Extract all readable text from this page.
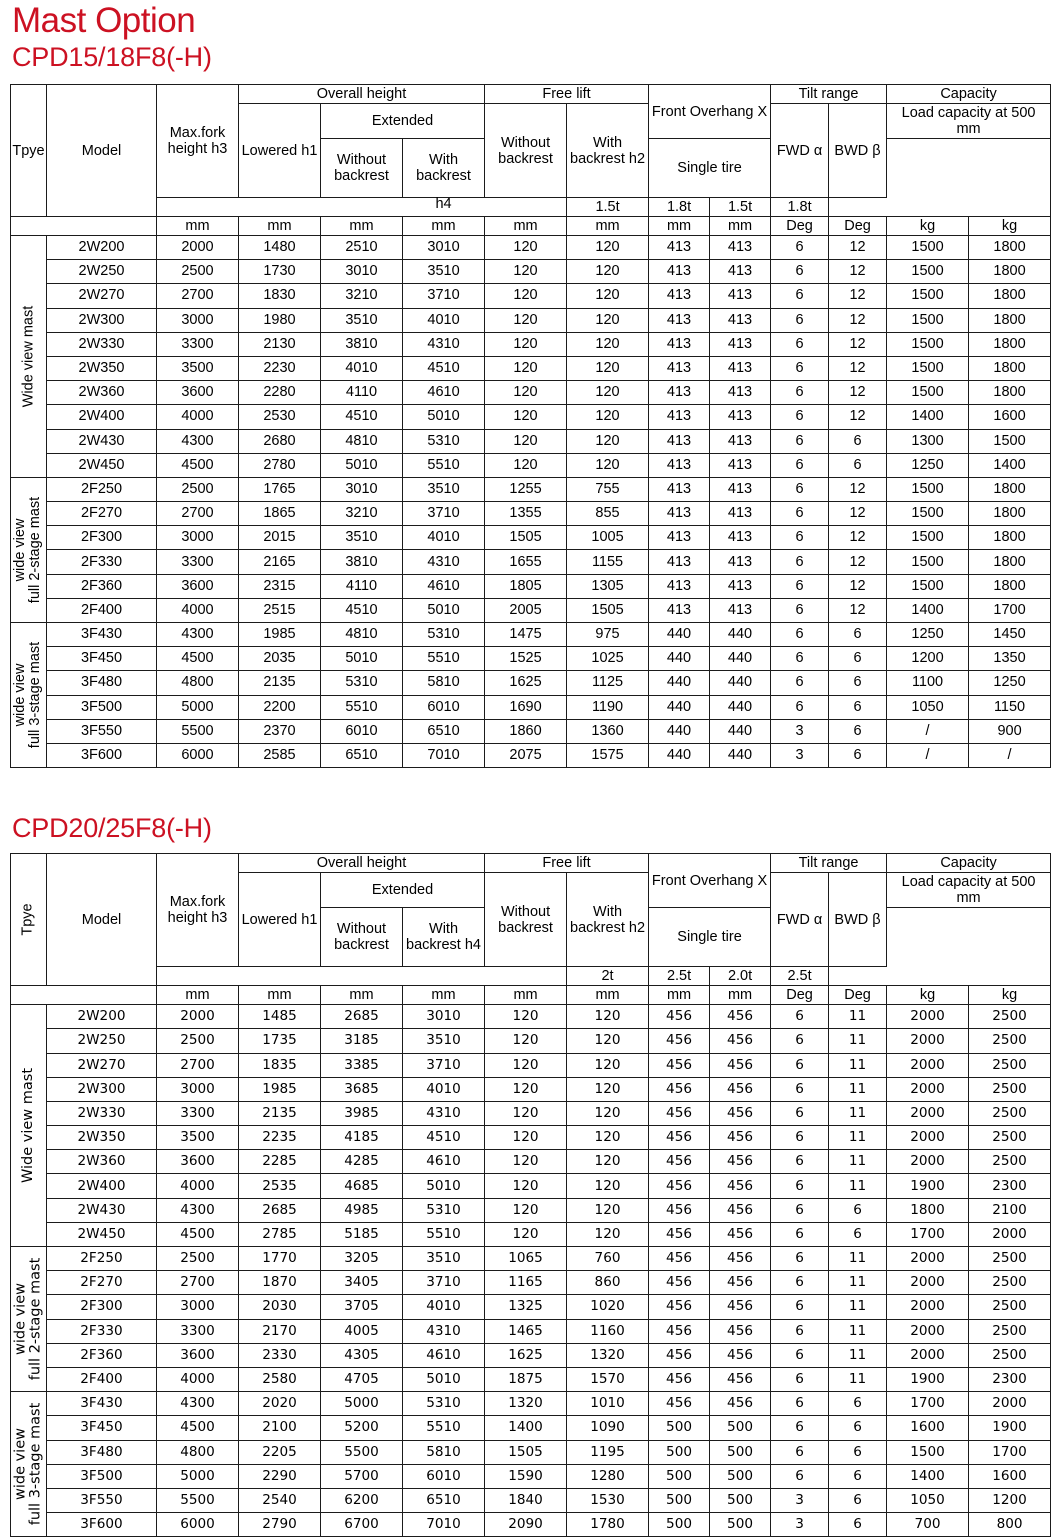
Mast Option
CPD15/18F8(-H)
Tpye	Model	Max.fork height h3	Overall height			Free lift		Front Overhang X		Tilt range		Capacity	
			Lowered h1	Extended		Without backrest	With backrest h2			FWD α	BWD β	Load capacity at 500 mm	
				Without backrest	With backrest
h4			Single tire					
							1.5t	1.8t	1.5t	1.8t			
		mm	mm	mm	mm	mm	mm	mm	mm	Deg	Deg	kg	kg

Wide view mast	2W200	2000	1480	2510	3010	120	120	413	413	6	12	1500	1800
	2W250	2500	1730	3010	3510	120	120	413	413	6	12	1500	1800
	2W270	2700	1830	3210	3710	120	120	413	413	6	12	1500	1800
	2W300	3000	1980	3510	4010	120	120	413	413	6	12	1500	1800
	2W330	3300	2130	3810	4310	120	120	413	413	6	12	1500	1800
	2W350	3500	2230	4010	4510	120	120	413	413	6	12	1500	1800
	2W360	3600	2280	4110	4610	120	120	413	413	6	12	1500	1800
	2W400	4000	2530	4510	5010	120	120	413	413	6	12	1400	1600
	2W430	4300	2680	4810	5310	120	120	413	413	6	6	1300	1500
	2W450	4500	2780	5010	5510	120	120	413	413	6	6	1250	1400

wide view full 2-stage mast	2F250	2500	1765	3010	3510	1255	755	413	413	6	12	1500	1800
	2F270	2700	1865	3210	3710	1355	855	413	413	6	12	1500	1800
	2F300	3000	2015	3510	4010	1505	1005	413	413	6	12	1500	1800
	2F330	3300	2165	3810	4310	1655	1155	413	413	6	12	1500	1800
	2F360	3600	2315	4110	4610	1805	1305	413	413	6	12	1500	1800
	2F400	4000	2515	4510	5010	2005	1505	413	413	6	12	1400	1700

wide view full 3-stage mast	3F430	4300	1985	4810	5310	1475	975	440	440	6	6	1250	1450
	3F450	4500	2035	5010	5510	1525	1025	440	440	6	6	1200	1350
	3F480	4800	2135	5310	5810	1625	1125	440	440	6	6	1100	1250
	3F500	5000	2200	5510	6010	1690	1190	440	440	6	6	1050	1150
	3F550	5500	2370	6010	6510	1860	1360	440	440	3	6	/	900
	3F600	6000	2585	6510	7010	2075	1575	440	440	3	6	/	/
CPD20/25F8(-H)
Tpye	Model	Max.fork height h3	Overall height			Free lift		Front Overhang X		Tilt range		Capacity	
			Lowered h1	Extended		Without backrest	With backrest h2			FWD α	BWD β	Load capacity at 500 mm	
				Without backrest	With backrest h4			Single tire					
							2t	2.5t	2.0t	2.5t			
		mm	mm	mm	mm	mm	mm	mm	mm	Deg	Deg	kg	kg

Wide view mast	2W200	2000	1485	2685	3010	120	120	456	456	6	11	2000	2500
	2W250	2500	1735	3185	3510	120	120	456	456	6	11	2000	2500
	2W270	2700	1835	3385	3710	120	120	456	456	6	11	2000	2500
	2W300	3000	1985	3685	4010	120	120	456	456	6	11	2000	2500
	2W330	3300	2135	3985	4310	120	120	456	456	6	11	2000	2500
	2W350	3500	2235	4185	4510	120	120	456	456	6	11	2000	2500
	2W360	3600	2285	4285	4610	120	120	456	456	6	11	2000	2500
	2W400	4000	2535	4685	5010	120	120	456	456	6	11	1900	2300
	2W430	4300	2685	4985	5310	120	120	456	456	6	6	1800	2100
	2W450	4500	2785	5185	5510	120	120	456	456	6	6	1700	2000

wide view full 2-stage mast	2F250	2500	1770	3205	3510	1065	760	456	456	6	11	2000	2500
	2F270	2700	1870	3405	3710	1165	860	456	456	6	11	2000	2500
	2F300	3000	2030	3705	4010	1325	1020	456	456	6	11	2000	2500
	2F330	3300	2170	4005	4310	1465	1160	456	456	6	11	2000	2500
	2F360	3600	2330	4305	4610	1625	1320	456	456	6	11	2000	2500
	2F400	4000	2580	4705	5010	1875	1570	456	456	6	11	1900	2300

wide view full 3-stage mast	3F430	4300	2020	5000	5310	1320	1010	456	456	6	6	1700	2000
	3F450	4500	2100	5200	5510	1400	1090	500	500	6	6	1600	1900
	3F480	4800	2205	5500	5810	1505	1195	500	500	6	6	1500	1700
	3F500	5000	2290	5700	6010	1590	1280	500	500	6	6	1400	1600
	3F550	5500	2540	6200	6510	1840	1530	500	500	3	6	1050	1200
	3F600	6000	2790	6700	7010	2090	1780	500	500	3	6	700	800
